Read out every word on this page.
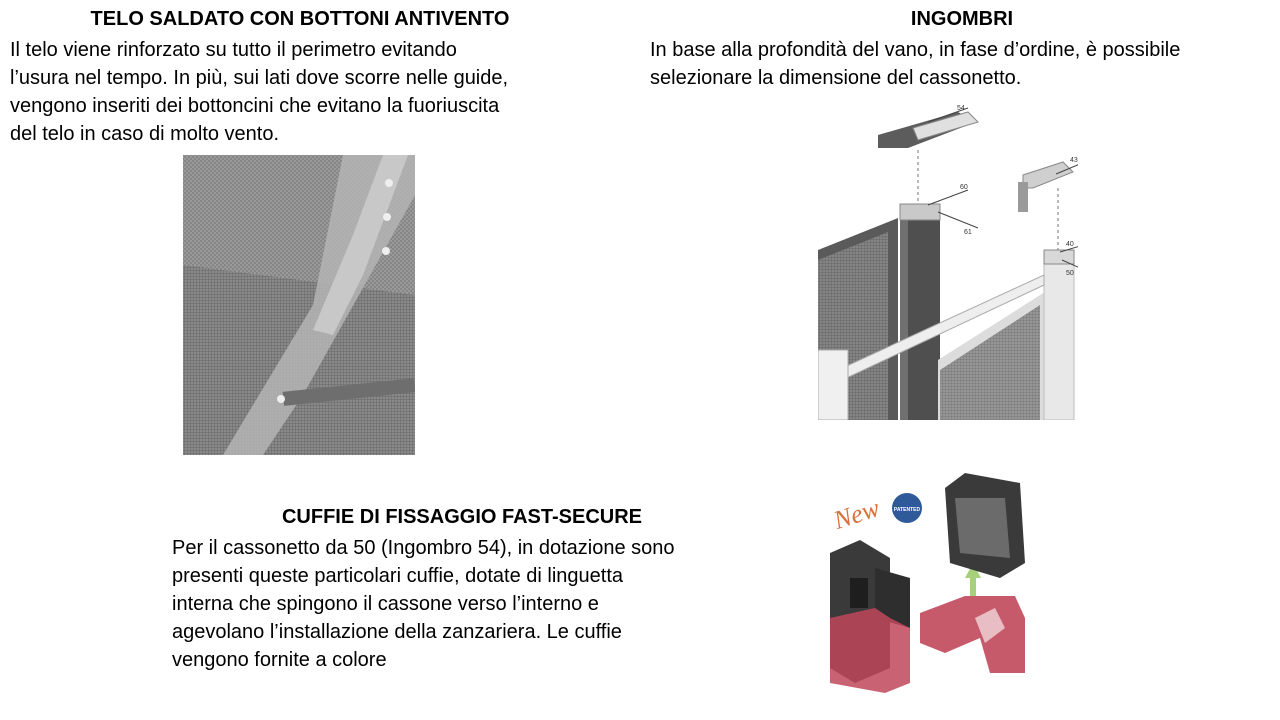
TELO SALDATO CON BOTTONI ANTIVENTO
Il telo viene rinforzato su tutto il perimetro evitando
l’usura nel tempo. In più, sui lati dove scorre nelle guide,
vengono inseriti dei bottoncini che evitano la fuoriuscita
del telo in caso di molto vento.
INGOMBRI
In base alla profondità del vano, in fase d’ordine, è possibile
selezionare la dimensione del cassonetto.
CUFFIE DI FISSAGGIO FAST-SECURE
Per il cassonetto da 50 (Ingombro 54), in dotazione sono
presenti queste particolari cuffie, dotate di linguetta
interna che spingono il cassone verso l’interno e
agevolano l’installazione della zanzariera. Le cuffie
vengono fornite a colore
54
60
61
43
40
50
New PATENTED
